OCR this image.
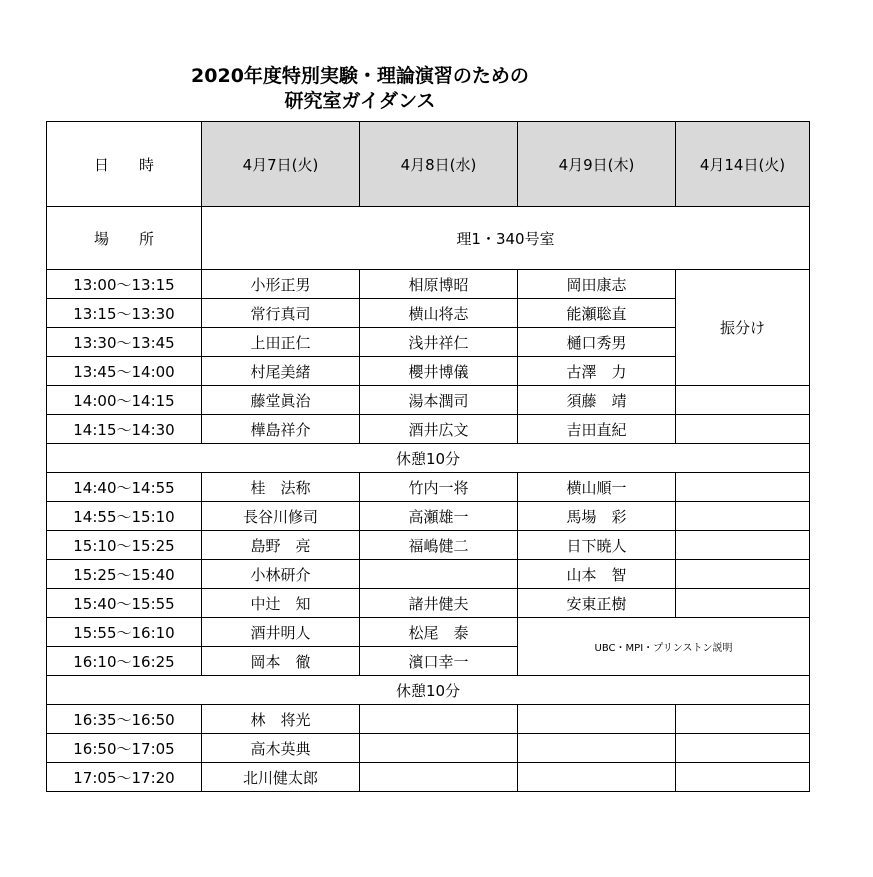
2020年度特別実験・理論演習のための
研究室ガイダンス
日　　時	4月7日(火)	4月8日(水)	4月9日(木)	4月14日(火)
場　　所	理1・340号室			
13:00〜13:15	小形正男	相原博昭	岡田康志	振分け
13:15〜13:30	常行真司	横山将志	能瀬聡直	
13:30〜13:45	上田正仁	浅井祥仁	樋口秀男	
13:45〜14:00	村尾美緒	櫻井博儀	古澤　力	
14:00〜14:15	藤堂眞治	湯本潤司	須藤　靖	
14:15〜14:30	樺島祥介	酒井広文	吉田直紀	
休憩10分				
14:40〜14:55	桂　法称	竹内一将	横山順一	
14:55〜15:10	長谷川修司	高瀬雄一	馬場　彩	
15:10〜15:25	島野　亮	福嶋健二	日下暁人	
15:25〜15:40	小林研介		山本　智	
15:40〜15:55	中辻　知	諸井健夫	安東正樹	
15:55〜16:10	酒井明人	松尾　泰	UBC・MPI・プリンストン説明	
16:10〜16:25	岡本　徹	濱口幸一		
休憩10分				
16:35〜16:50	林　将光			
16:50〜17:05	高木英典			
17:05〜17:20	北川健太郎			
